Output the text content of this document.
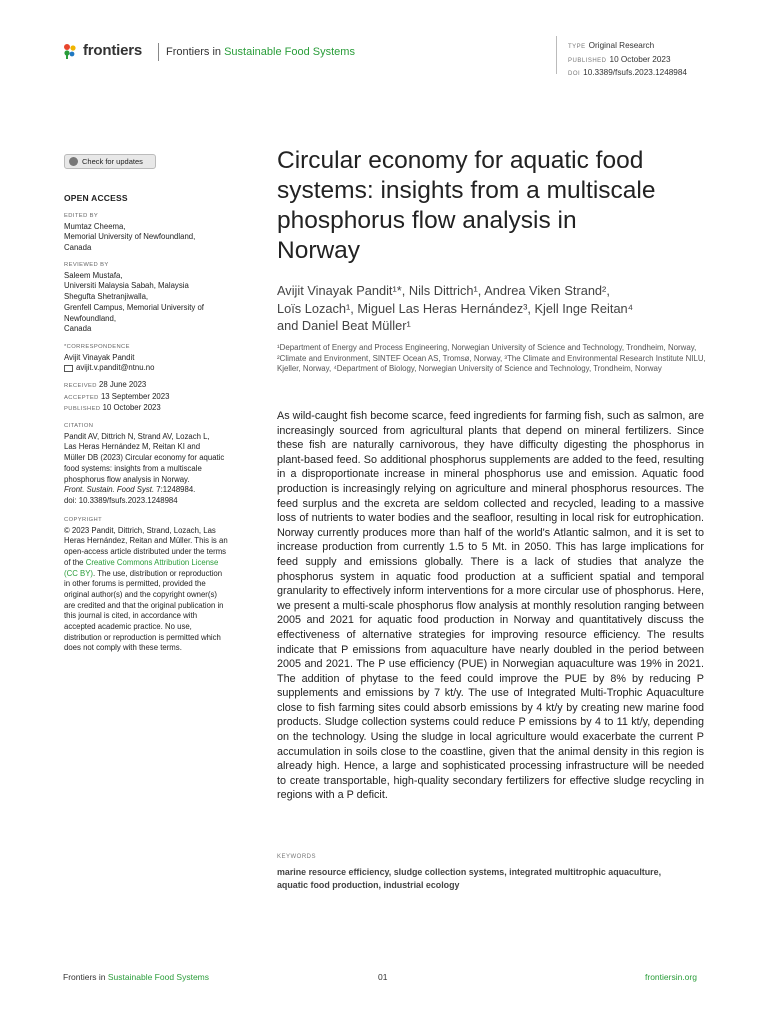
frontiers Frontiers in Sustainable Food Systems	TYPE Original Research
PUBLISHED 10 October 2023
DOI 10.3389/fsufs.2023.1248984
Check for updates
OPEN ACCESS
EDITED BY
Mumtaz Cheema,
Memorial University of Newfoundland,
Canada
REVIEWED BY
Saleem Mustafa,
Universiti Malaysia Sabah, Malaysia
Shegufta Shetranjiwalla,
Grenfell Campus, Memorial University of
Newfoundland,
Canada
*CORRESPONDENCE
Avijit Vinayak Pandit
avijit.v.pandit@ntnu.no
RECEIVED 28 June 2023
ACCEPTED 13 September 2023
PUBLISHED 10 October 2023
CITATION
Pandit AV, Dittrich N, Strand AV, Lozach L,
Las Heras Hernández M, Reitan KI and
Müller DB (2023) Circular economy for aquatic
food systems: insights from a multiscale
phosphorus flow analysis in Norway.
Front. Sustain. Food Syst. 7:1248984.
doi: 10.3389/fsufs.2023.1248984
COPYRIGHT
© 2023 Pandit, Dittrich, Strand, Lozach, Las
Heras Hernández, Reitan and Müller. This is an
open-access article distributed under the terms
of the Creative Commons Attribution License
(CC BY). The use, distribution or reproduction
in other forums is permitted, provided the
original author(s) and the copyright owner(s)
are credited and that the original publication in
this journal is cited, in accordance with
accepted academic practice. No use,
distribution or reproduction is permitted which
does not comply with these terms.
Circular economy for aquatic food
systems: insights from a multiscale
phosphorus flow analysis in
Norway
Avijit Vinayak Pandit¹*, Nils Dittrich¹, Andrea Viken Strand²,
Loïs Lozach¹, Miguel Las Heras Hernández³, Kjell Inge Reitan⁴
and Daniel Beat Müller¹
¹Department of Energy and Process Engineering, Norwegian University of Science and Technology, Trondheim, Norway, ²Climate and Environment, SINTEF Ocean AS, Tromsø, Norway, ³The Climate and Environmental Research Institute NILU, Kjeller, Norway, ⁴Department of Biology, Norwegian University of Science and Technology, Trondheim, Norway
As wild-caught fish become scarce, feed ingredients for farming fish, such as salmon, are increasingly sourced from agricultural plants that depend on mineral fertilizers. Since these fish are naturally carnivorous, they have difficulty digesting the phosphorus in plant-based feed. So additional phosphorus supplements are added to the feed, resulting in a disproportionate increase in mineral phosphorus use and emission. Aquatic food production is increasingly relying on agriculture and mineral phosphorus resources. The feed surplus and the excreta are seldom collected and recycled, leading to a massive loss of nutrients to water bodies and the seafloor, resulting in local risk for eutrophication. Norway currently produces more than half of the world's Atlantic salmon, and it is set to increase production from currently 1.5 to 5 Mt. in 2050. This has large implications for feed supply and emissions globally. There is a lack of studies that analyze the phosphorus system in aquatic food production at a sufficient spatial and temporal granularity to effectively inform interventions for a more circular use of phosphorus. Here, we present a multi-scale phosphorus flow analysis at monthly resolution ranging between 2005 and 2021 for aquatic food production in Norway and quantitatively discuss the effectiveness of alternative strategies for improving resource efficiency. The results indicate that P emissions from aquaculture have nearly doubled in the period between 2005 and 2021. The P use efficiency (PUE) in Norwegian aquaculture was 19% in 2021. The addition of phytase to the feed could improve the PUE by 8% by reducing P supplements and emissions by 7 kt/y. The use of Integrated Multi-Trophic Aquaculture close to fish farming sites could absorb emissions by 4 kt/y by creating new marine food products. Sludge collection systems could reduce P emissions by 4 to 11 kt/y, depending on the technology. Using the sludge in local agriculture would exacerbate the current P accumulation in soils close to the coastline, given that the animal density in this region is already high. Hence, a large and sophisticated processing infrastructure will be needed to create transportable, high-quality secondary fertilizers for effective sludge recycling in regions with a P deficit.
KEYWORDS
marine resource efficiency, sludge collection systems, integrated multitrophic aquaculture, aquatic food production, industrial ecology
Frontiers in Sustainable Food Systems	01	frontiersin.org
